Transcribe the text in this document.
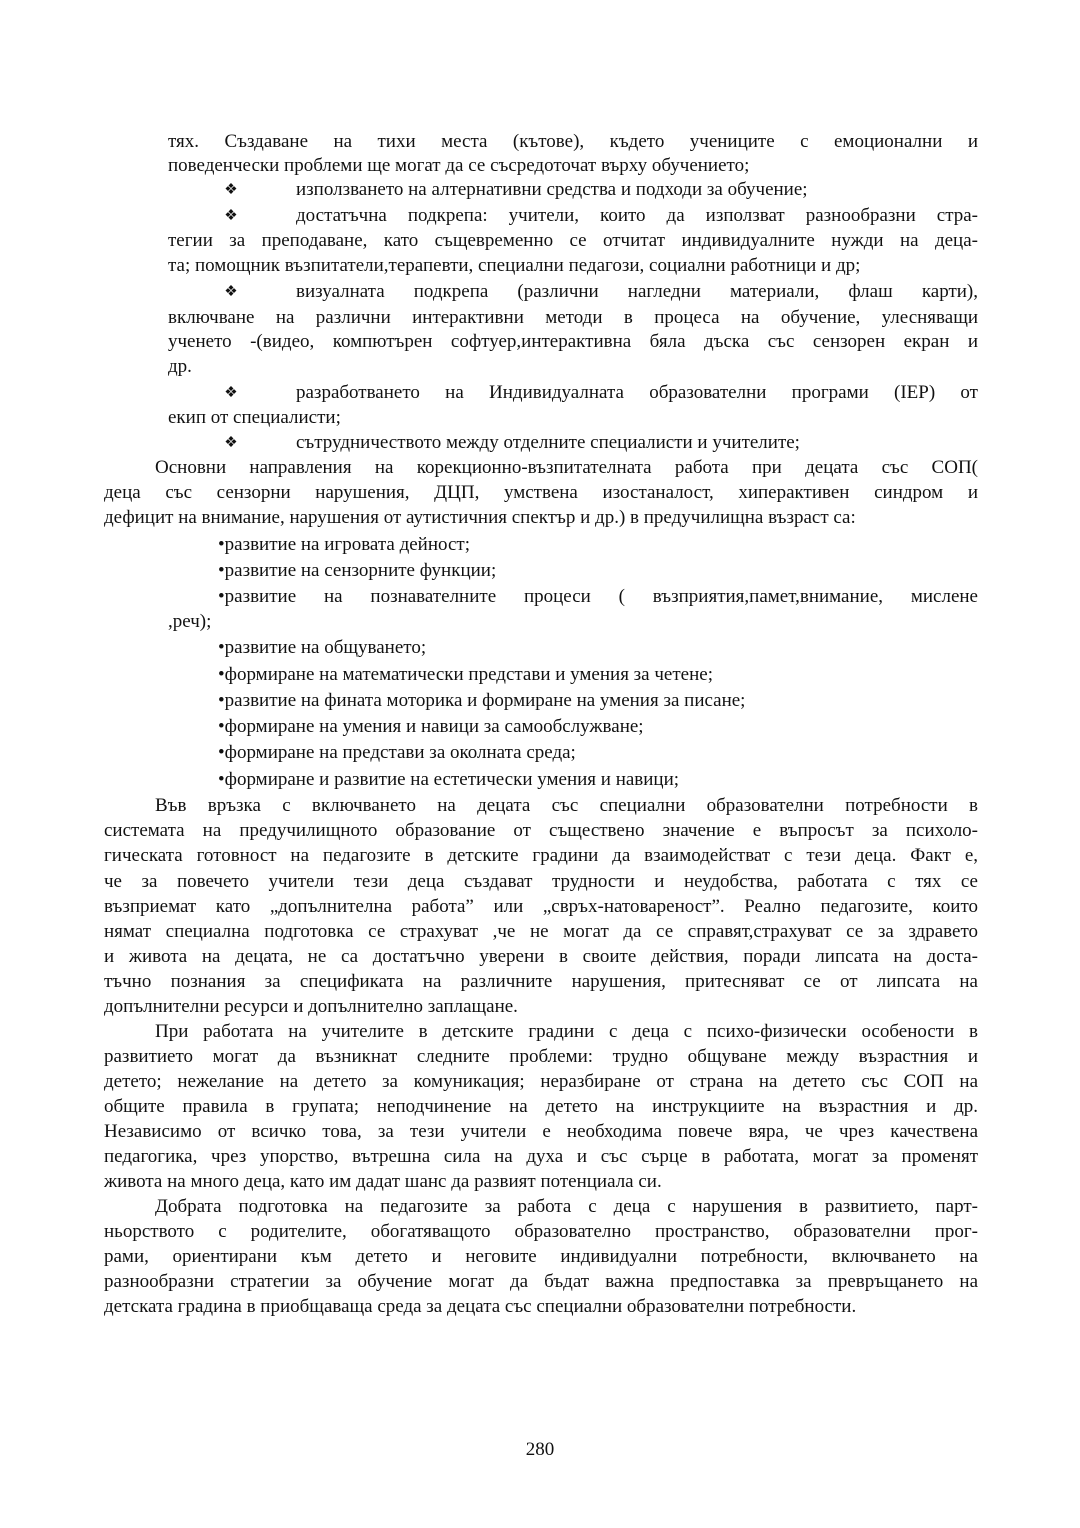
тях. Създаване на тихи места (кътове), където учениците с емоционални и
поведенчески проблеми ще могат да се съсредоточат върху обучението;
❖	използването на алтернативни средства и подходи за обучение;
❖	достатъчна подкрепа: учители, които да използват разнообразни стра-
тегии за преподаване, като същевременно се отчитат индивидуалните нужди на деца-
та; помощник възпитатели,терапевти, специални педагози, социални работници и др;
❖	визуалната подкрепа (различни нагледни материали, флаш карти),
включване на различни интерактивни методи в процеса на обучение, улесняващи
ученето -(видео, компютърен софтуер,интерактивна бяла дъска със сензорен екран и
др.
❖	разработването на Индивидуалната образователни програми (IEP) от
екип от специалисти;
❖	сътрудничеството между отделните специалисти и учителите;
Основни направления на корекционно-възпитателната работа при децата със СОП(
деца със сензорни нарушения, ДЦП, умствена изостаналост, хиперактивен синдром и
дефицит на внимание, нарушения от аутистичния спектър и др.) в предучилищна възраст са:
•развитие на игровата дейност;
•развитие на сензорните функции;
•развитие на познавателните процеси ( възприятия,памет,внимание, мислене
,реч);
•развитие на общуването;
•формиране на математически представи и умения за четене;
•развитие на фината моторика и формиране на умения за писане;
•формиране на умения и навици за самообслужване;
•формиране на представи за околната среда;
•формиране и развитие на естетически умения и навици;
Във връзка с включването на децата със специални образователни потребности в
системата на предучилищното образование от съществено значение е въпросът за психоло-
гическата готовност на педагозите в детските градини да взаимодействат с тези деца. Факт е,
че за повечето учители тези деца създават трудности и неудобства, работата с тях се
възприемат като „допълнителна работа” или „свръх-натовареност”. Реално педагозите, които
нямат специална подготовка се страхуват ,че не могат да се справят,страхуват се за здравето
и живота на децата, не са достатъчно уверени в своите действия, поради липсата на доста-
тъчно познания за спецификата на различните нарушения, притесняват се от липсата на
допълнителни ресурси и допълнително заплащане.
При работата на учителите в детските градини с деца с психо-физически особености в
развитието могат да възникнат следните проблеми: трудно общуване между възрастния и
детето; нежелание на детето за комуникация; неразбиране от страна на детето със СОП на
общите правила в групата; неподчинение на детето на инструкциите на възрастния и др.
Независимо от всичко това, за тези учители е необходима повече вяра, че чрез качествена
педагогика, чрез упорство, вътрешна сила на духа и със сърце в работата, могат за променят
живота на много деца, като им дадат шанс да развият потенциала си.
Добрата подготовка на педагозите за работа с деца с нарушения в развитието, парт-
ньорството с родителите, обогатяващото образователно пространство, образователни прог-
рами, ориентирани към детето и неговите индивидуални потребности, включването на
разнообразни стратегии за обучение могат да бъдат важна предпоставка за превръщането на
детската градина в приобщаваща среда за децата със специални образователни потребности.
280
